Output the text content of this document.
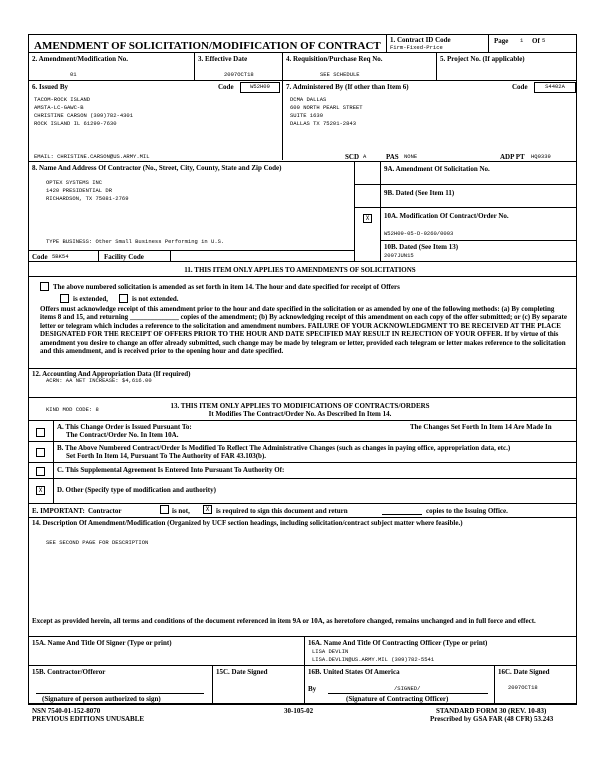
AMENDMENT OF SOLICITATION/MODIFICATION OF CONTRACT 1. Contract ID Code
Firm-Fixed-Price
Page 1 Of 5
2. Amendment/Modification No.
01
3. Effective Date
2007OCT18
4. Requisition/Purchase Req No.
SEE SCHEDULE
5. Project No. (If applicable)
6. Issued By	Code	W52H09
TACOM-ROCK ISLAND
AMSTA-LC-GAWC-B
CHRISTINE CARSON (309)782-4301
ROCK ISLAND IL 61299-7630
EMAIL: CHRISTINE.CARSON@US.ARMY.MIL
7. Administered By (If other than Item 6)	Code	S4402A
DCMA DALLAS
600 NORTH PEARL STREET
SUITE 1630
DALLAS TX 75201-2843
SCD A	PAS NONE	ADP PT HQ0339
8. Name And Address Of Contractor (No., Street, City, County, State and Zip Code)
OPTEX SYSTEMS INC
1420 PRESIDENTIAL DR
RICHARDSON, TX 75081-2769
TYPE BUSINESS: Other Small Business Performing in U.S.
Code 5BK54	Facility Code
9A. Amendment Of Solicitation No.
9B. Dated (See Item 11)
X	10A. Modification Of Contract/Order No.
W52H09-05-D-0260/0003
10B. Dated (See Item 13)
2007JUN15
11. THIS ITEM ONLY APPLIES TO AMENDMENTS OF SOLICITATIONS
The above numbered solicitation is amended as set forth in item 14. The hour and date specified for receipt of Offers
is extended,	is not extended.
Offers must acknowledge receipt of this amendment prior to the hour and date specified in the solicitation or as amended by one of the following methods: (a) By completing items 8 and 15, and returning ______________ copies of the amendment; (b) By acknowledging receipt of this amendment on each copy of the offer submitted; or (c) By separate letter or telegram which includes a reference to the solicitation and amendment numbers. FAILURE OF YOUR ACKNOWLEDGMENT TO BE RECEIVED AT THE PLACE DESIGNATED FOR THE RECEIPT OF OFFERS PRIOR TO THE HOUR AND DATE SPECIFIED MAY RESULT IN REJECTION OF YOUR OFFER. If by virtue of this amendment you desire to change an offer already submitted, such change may be made by telegram or letter, provided each telegram or letter makes reference to the solicitation and this amendment, and is received prior to the opening hour and date specified.
12. Accounting And Appropriation Data (If required)
ACRN: AA NET INCREASE: $4,616.00
KIND MOD CODE: 8	13. THIS ITEM ONLY APPLIES TO MODIFICATIONS OF CONTRACTS/ORDERS
It Modifies The Contract/Order No. As Described In Item 14.
A. This Change Order is Issued Pursuant To:	The Changes Set Forth In Item 14 Are Made In
The Contract/Order No. In Item 10A.
B. The Above Numbered Contract/Order Is Modified To Reflect The Administrative Changes (such as changes in paying office, appropriation data, etc.)
Set Forth In Item 14, Pursuant To The Authority of FAR 43.103(b).
C. This Supplemental Agreement Is Entered Into Pursuant To Authority Of:
X	D. Other (Specify type of modification and authority)
E. IMPORTANT: Contractor	is not,	X is required to sign this document and return	copies to the Issuing Office.
14. Description Of Amendment/Modification (Organized by UCF section headings, including solicitation/contract subject matter where feasible.)
SEE SECOND PAGE FOR DESCRIPTION
Except as provided herein, all terms and conditions of the document referenced in item 9A or 10A, as heretofore changed, remains unchanged and in full force and effect.
15A. Name And Title Of Signer (Type or print)	16A. Name And Title Of Contracting Officer (Type or print)
LISA DEVLIN
LISA.DEVLIN@US.ARMY.MIL (309)782-5541
15B. Contractor/Offeror	15C. Date Signed	16B. United States Of America	16C. Date Signed
2007OCT18
By	/SIGNED/
(Signature of person authorized to sign)	(Signature of Contracting Officer)
NSN 7540-01-152-8070
PREVIOUS EDITIONS UNUSABLE
30-105-02	STANDARD FORM 30 (REV. 10-83)
Prescribed by GSA FAR (48 CFR) 53.243
